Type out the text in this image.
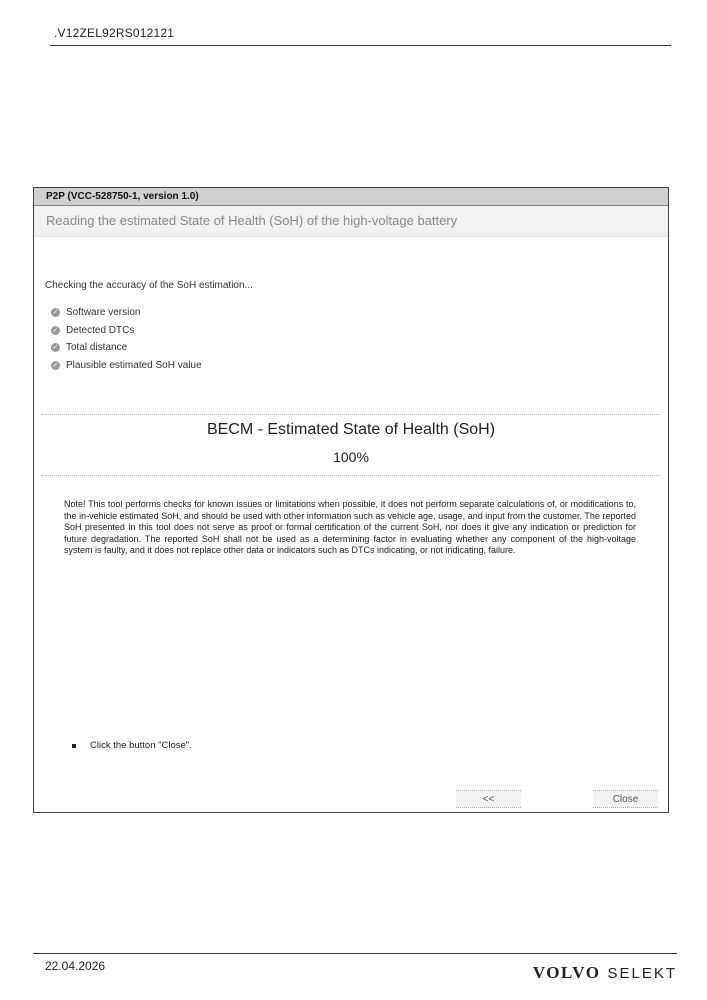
.V12ZEL92RS012121
P2P (VCC-528750-1, version 1.0)
Reading the estimated State of Health (SoH) of the high-voltage battery
Checking the accuracy of the SoH estimation...
✓ Software version
✓ Detected DTCs
✓ Total distance
✓ Plausible estimated SoH value
BECM - Estimated State of Health (SoH)
100%

Note! This tool performs checks for known issues or limitations when possible, it does not perform separate calculations of, or modifications to, the in-vehicle estimated SoH, and should be used with other information such as vehicle age, usage, and input from the customer. The reported SoH presented in this tool does not serve as proof or formal certification of the current SoH, nor does it give any indication or prediction for future degradation. The reported SoH shall not be used as a determining factor in evaluating whether any component of the high-voltage system is faulty, and it does not replace other data or indicators such as DTCs indicating, or not indicating, failure.

Click the button "Close".
<<	Close
22.04.2026	VOLVO SELEKT
